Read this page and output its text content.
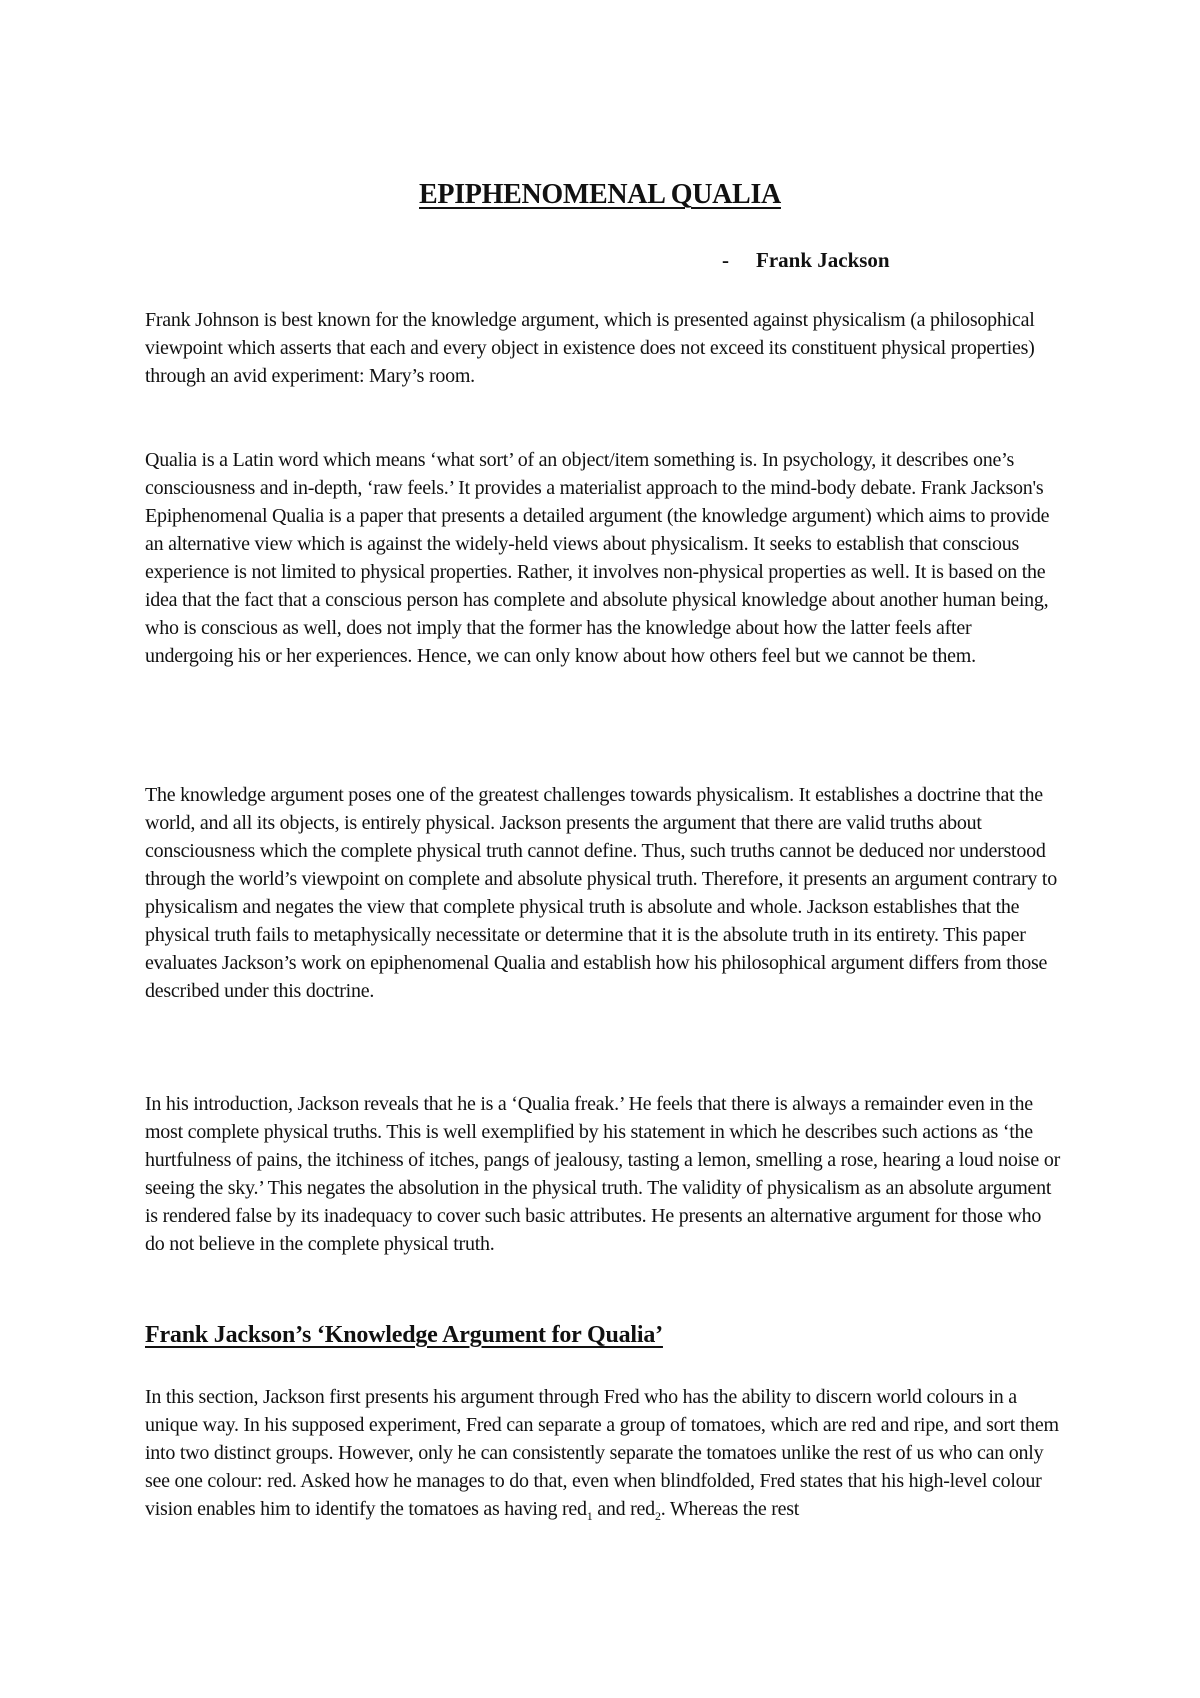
EPIPHENOMENAL QUALIA

- Frank Jackson

Frank Johnson is best known for the knowledge argument, which is presented against physicalism (a philosophical viewpoint which asserts that each and every object in existence does not exceed its constituent physical properties) through an avid experiment: Mary’s room.

Qualia is a Latin word which means ‘what sort’ of an object/item something is. In psychology, it describes one’s consciousness and in-depth, ‘raw feels.’ It provides a materialist approach to the mind-body debate. Frank Jackson's Epiphenomenal Qualia is a paper that presents a detailed argument (the knowledge argument) which aims to provide an alternative view which is against the widely-held views about physicalism. It seeks to establish that conscious experience is not limited to physical properties. Rather, it involves non-physical properties as well. It is based on the idea that the fact that a conscious person has complete and absolute physical knowledge about another human being, who is conscious as well, does not imply that the former has the knowledge about how the latter feels after undergoing his or her experiences. Hence, we can only know about how others feel but we cannot be them.

The knowledge argument poses one of the greatest challenges towards physicalism. It establishes a doctrine that the world, and all its objects, is entirely physical. Jackson presents the argument that there are valid truths about consciousness which the complete physical truth cannot define. Thus, such truths cannot be deduced nor understood through the world’s viewpoint on complete and absolute physical truth. Therefore, it presents an argument contrary to physicalism and negates the view that complete physical truth is absolute and whole. Jackson establishes that the physical truth fails to metaphysically necessitate or determine that it is the absolute truth in its entirety. This paper evaluates Jackson’s work on epiphenomenal Qualia and establish how his philosophical argument differs from those described under this doctrine.

In his introduction, Jackson reveals that he is a ‘Qualia freak.’ He feels that there is always a remainder even in the most complete physical truths. This is well exemplified by his statement in which he describes such actions as ‘the hurtfulness of pains, the itchiness of itches, pangs of jealousy, tasting a lemon, smelling a rose, hearing a loud noise or seeing the sky.’ This negates the absolution in the physical truth. The validity of physicalism as an absolute argument is rendered false by its inadequacy to cover such basic attributes. He presents an alternative argument for those who do not believe in the complete physical truth.

Frank Jackson’s ‘Knowledge Argument for Qualia’

In this section, Jackson first presents his argument through Fred who has the ability to discern world colours in a unique way. In his supposed experiment, Fred can separate a group of tomatoes, which are red and ripe, and sort them into two distinct groups. However, only he can consistently separate the tomatoes unlike the rest of us who can only see one colour: red. Asked how he manages to do that, even when blindfolded, Fred states that his high-level colour vision enables him to identify the tomatoes as having red$_1$ and red$_2$. Whereas the rest
